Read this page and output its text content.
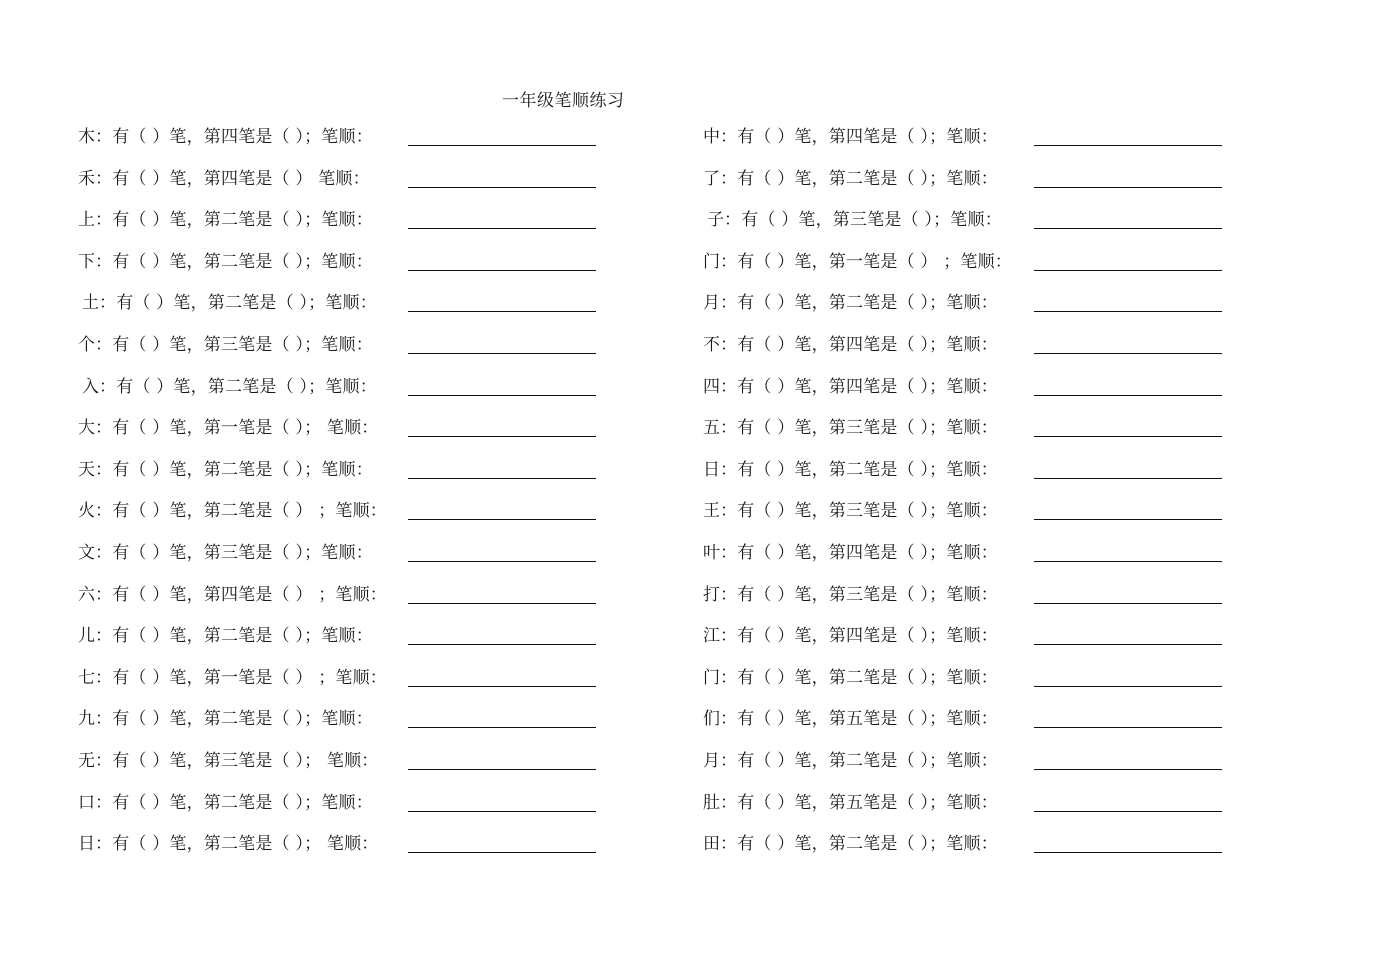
一年级笔顺练习
木 ：有（ ）笔，第四笔是（ ）；笔顺：
禾 ：有（ ）笔，第四笔是（ ） 笔顺：
上 ：有（ ）笔，第二笔是（ ）；笔顺：
下 ：有（ ）笔，第二笔是（ ）；笔顺：
土 ：有（ ）笔，第二笔是（ ）；笔顺：
个 ：有（ ）笔，第三笔是（ ）；笔顺：
入 ：有（ ）笔，第二笔是（ ）；笔顺：
大 ：有（ ）笔，第一笔是（ ）； 笔顺：
天 ：有（ ）笔，第二笔是（ ）；笔顺：
火 ：有（ ）笔，第二笔是（ ） ；笔顺：
文 ：有（ ）笔，第三笔是（ ）；笔顺：
六 ：有（ ）笔，第四笔是（ ） ；笔顺：
儿 ：有（ ）笔，第二笔是（ ）；笔顺：
七 ：有（ ）笔，第一笔是（ ） ；笔顺：
九 ：有（ ）笔，第二笔是（ ）；笔顺：
无 ：有（ ）笔，第三笔是（ ）； 笔顺：
口 ：有（ ）笔，第二笔是（ ）；笔顺：
日 ：有（ ）笔，第二笔是（ ）； 笔顺：
中 ：有（ ）笔，第四笔是（ ）；笔顺：
了 ：有（ ）笔，第二笔是（ ）；笔顺：
子 ：有（ ）笔，第三笔是（ ）；笔顺：
门 ：有（ ）笔，第一笔是（ ） ；笔顺：
月 ：有（ ）笔，第二笔是（ ）；笔顺：
不 ：有（ ）笔，第四笔是（ ）；笔顺：
四 ：有（ ）笔，第四笔是（ ）；笔顺：
五 ：有（ ）笔，第三笔是（ ）；笔顺：
日 ：有（ ）笔，第二笔是（ ）；笔顺：
王 ：有（ ）笔，第三笔是（ ）；笔顺：
叶 ：有（ ）笔，第四笔是（ ）；笔顺：
打 ：有（ ）笔，第三笔是（ ）；笔顺：
江 ：有（ ）笔，第四笔是（ ）；笔顺：
门 ：有（ ）笔，第二笔是（ ）；笔顺：
们 ：有（ ）笔，第五笔是（ ）；笔顺：
月 ：有（ ）笔，第二笔是（ ）；笔顺：
肚 ：有（ ）笔，第五笔是（ ）；笔顺：
田 ：有（ ）笔，第二笔是（ ）；笔顺：
